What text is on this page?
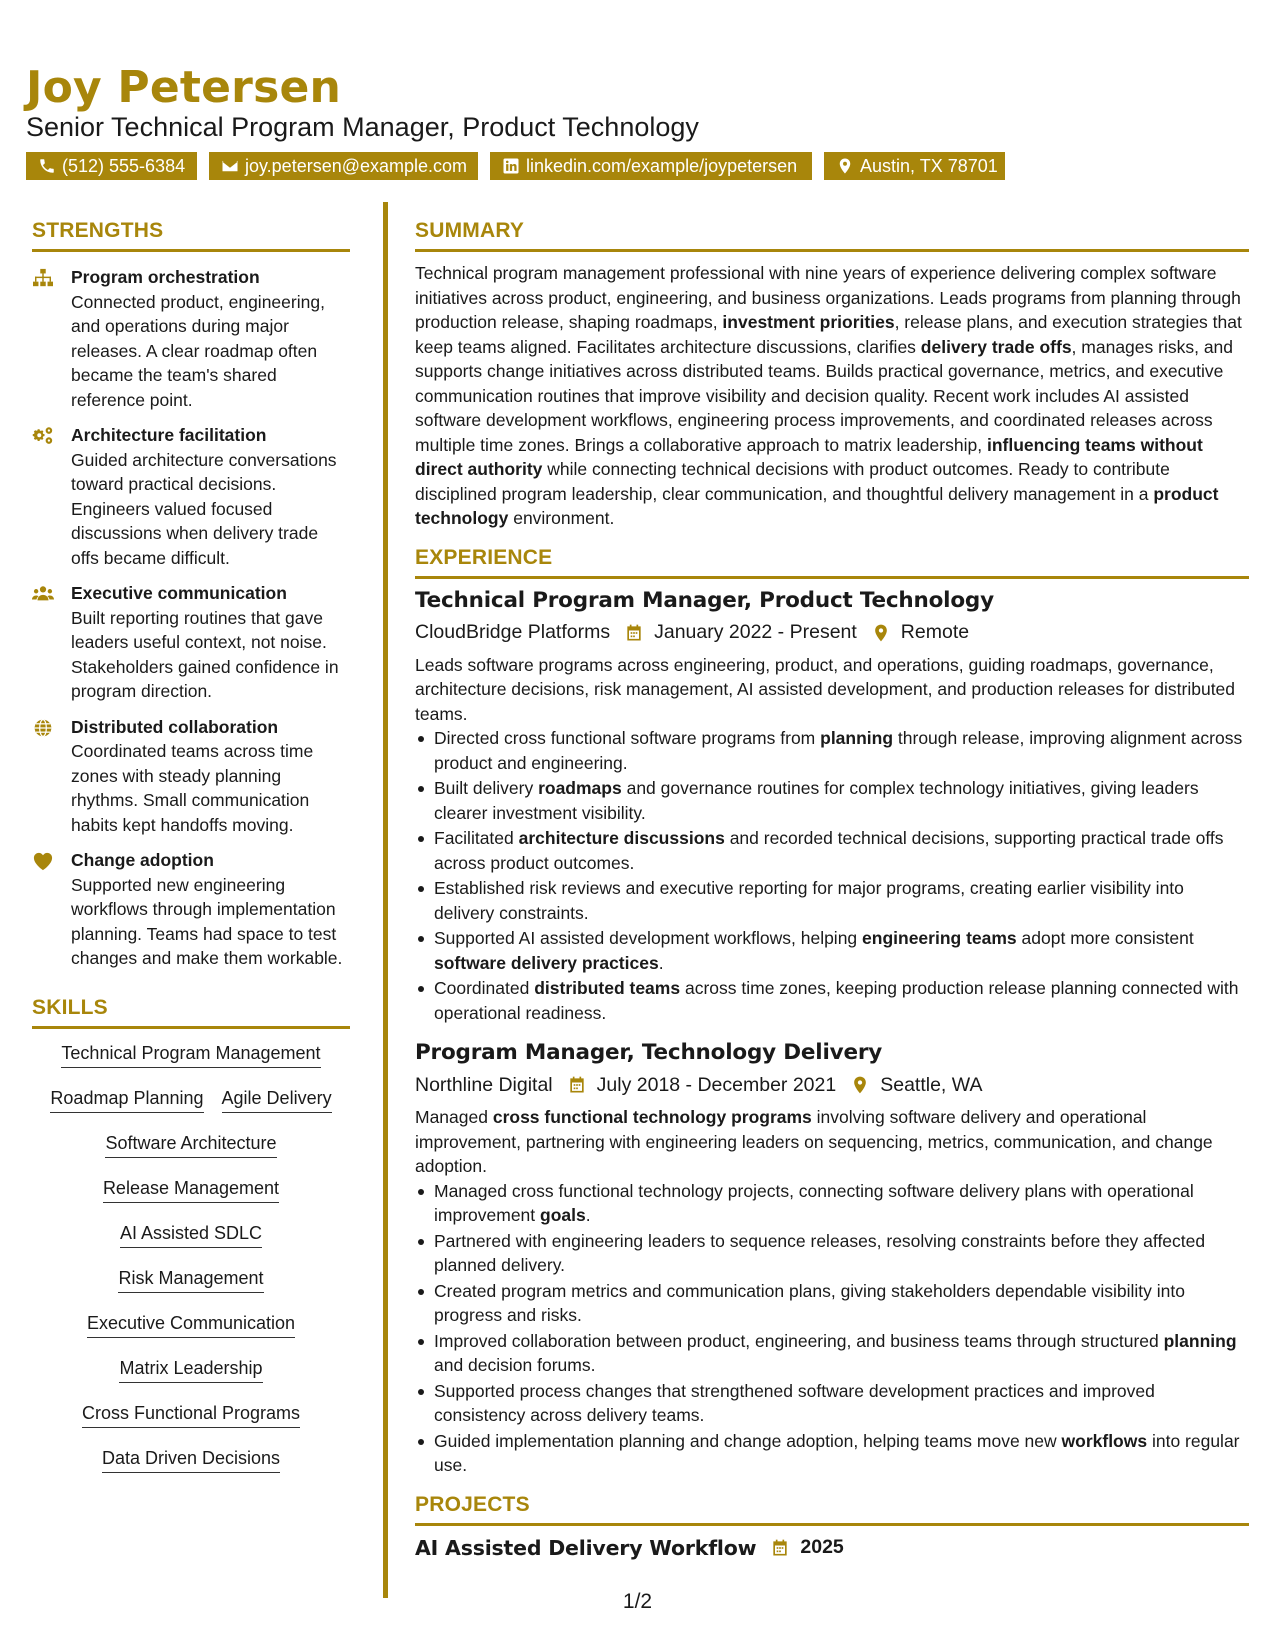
Joy Petersen
Senior Technical Program Manager, Product Technology
(512) 555-6384	joy.petersen@example.com	linkedin.com/example/joypetersen	Austin, TX 78701
STRENGTHS
Program orchestration
Connected product, engineering, and operations during major releases. A clear roadmap often became the team's shared reference point.
Architecture facilitation
Guided architecture conversations toward practical decisions. Engineers valued focused discussions when delivery trade offs became difficult.
Executive communication
Built reporting routines that gave leaders useful context, not noise. Stakeholders gained confidence in program direction.
Distributed collaboration
Coordinated teams across time zones with steady planning rhythms. Small communication habits kept handoffs moving.
Change adoption
Supported new engineering workflows through implementation planning. Teams had space to test changes and make them workable.
SKILLS
Technical Program Management
Roadmap Planning Agile Delivery
Software Architecture
Release Management
AI Assisted SDLC
Risk Management
Executive Communication
Matrix Leadership
Cross Functional Programs
Data Driven Decisions
SUMMARY
Technical program management professional with nine years of experience delivering complex software initiatives across product, engineering, and business organizations. Leads programs from planning through production release, shaping roadmaps, investment priorities, release plans, and execution strategies that keep teams aligned. Facilitates architecture discussions, clarifies delivery trade offs, manages risks, and supports change initiatives across distributed teams. Builds practical governance, metrics, and executive communication routines that improve visibility and decision quality. Recent work includes AI assisted software development workflows, engineering process improvements, and coordinated releases across multiple time zones. Brings a collaborative approach to matrix leadership, influencing teams without direct authority while connecting technical decisions with product outcomes. Ready to contribute disciplined program leadership, clear communication, and thoughtful delivery management in a product technology environment.
EXPERIENCE
Technical Program Manager, Product Technology
CloudBridge Platforms January 2022 - Present Remote
Leads software programs across engineering, product, and operations, guiding roadmaps, governance, architecture decisions, risk management, AI assisted development, and production releases for distributed teams.
Directed cross functional software programs from planning through release, improving alignment across product and engineering.
Built delivery roadmaps and governance routines for complex technology initiatives, giving leaders clearer investment visibility.
Facilitated architecture discussions and recorded technical decisions, supporting practical trade offs across product outcomes.
Established risk reviews and executive reporting for major programs, creating earlier visibility into delivery constraints.
Supported AI assisted development workflows, helping engineering teams adopt more consistent software delivery practices.
Coordinated distributed teams across time zones, keeping production release planning connected with operational readiness.
Program Manager, Technology Delivery
Northline Digital July 2018 - December 2021 Seattle, WA
Managed cross functional technology programs involving software delivery and operational improvement, partnering with engineering leaders on sequencing, metrics, communication, and change adoption.
Managed cross functional technology projects, connecting software delivery plans with operational improvement goals.
Partnered with engineering leaders to sequence releases, resolving constraints before they affected planned delivery.
Created program metrics and communication plans, giving stakeholders dependable visibility into progress and risks.
Improved collaboration between product, engineering, and business teams through structured planning and decision forums.
Supported process changes that strengthened software development practices and improved consistency across delivery teams.
Guided implementation planning and change adoption, helping teams move new workflows into regular use.
PROJECTS
AI Assisted Delivery Workflow 2025
1/2
